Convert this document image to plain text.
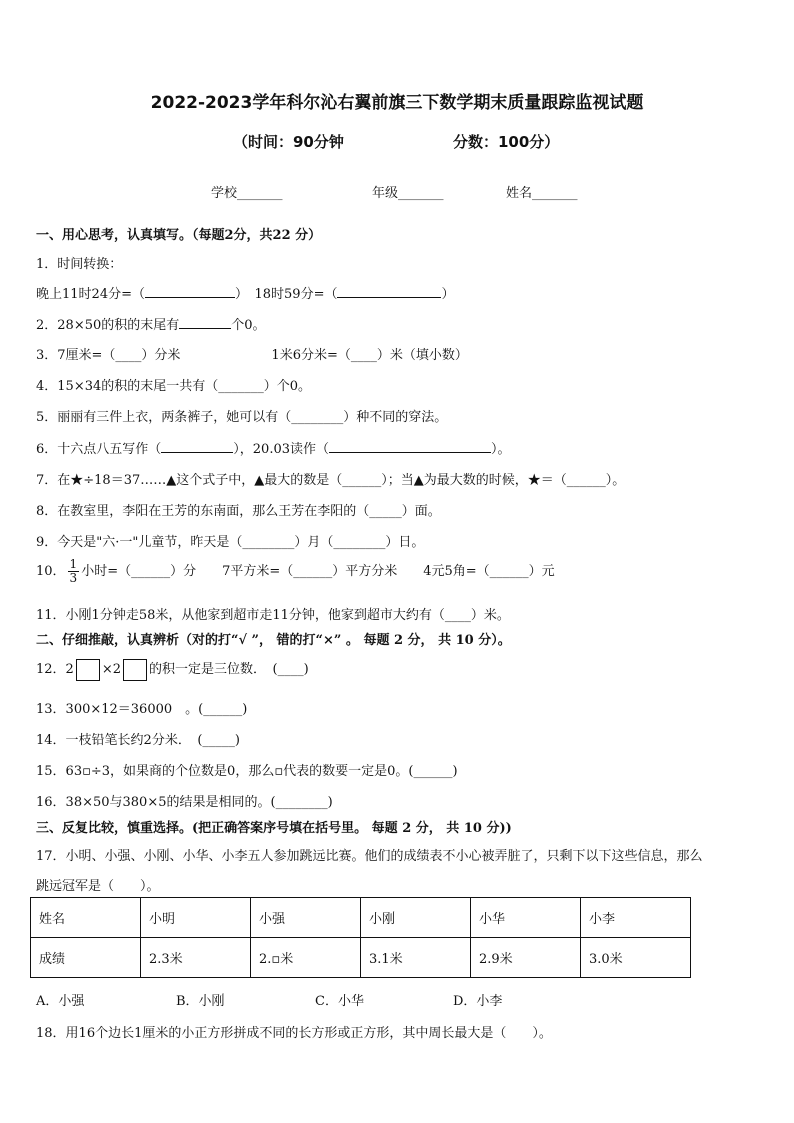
2022-2023学年科尔沁右翼前旗三下数学期末质量跟踪监视试题
（时间：90分钟	分数：100分）
学校_______	年级_______	姓名_______
一、用心思考，认真填写。（每题2分，共22 分）
1．时间转换：
晚上11时24分=（	）　18时59分=（	）
2．28×50的积的末尾有	个0。
3．7厘米=（____）分米　　　　　　　1米6分米=（____）米（填小数）
4．15×34的积的末尾一共有（_______）个0。
5．丽丽有三件上衣，两条裤子，她可以有（________）种不同的穿法。
6．十六点八五写作（	），20.03读作（	）。
7．在★÷18＝37……▲这个式子中，▲最大的数是（______）；当▲为最大数的时候，★＝（______）。
8．在教室里，李阳在王芳的东南面，那么王芳在李阳的（_____）面。
9．今天是"六·一"儿童节，昨天是（________）月（________）日。
10． $\frac{1}{3}$ 小时=（______）分　　7平方米=（______）平方分米　　4元5角=（______）元
11．小刚1分钟走58米，从他家到超市走11分钟，他家到超市大约有（____）米。
二、仔细推敲，认真辨析（对的打“√ ”， 错的打“×” 。 每题 2 分， 共 10 分）。
12．2 ×2 的积一定是三位数．　(____)
13．300×12＝36000　。(______)
14．一枝铅笔长约2分米．　(_____)
15．63▫÷3，如果商的个位数是0，那么▫代表的数要一定是0。(______)
16．38×50与380×5的结果是相同的。(________)
三、反复比较，慎重选择。(把正确答案序号填在括号里。 每题 2 分， 共 10 分))
17．小明、小强、小刚、小华、小李五人参加跳远比赛。他们的成绩表不小心被弄脏了，只剩下以下这些信息，那么
跳远冠军是（　　）。
姓名	小明	小强	小刚	小华	小李
成绩	2.3米	2.▫米	3.1米	2.9米	3.0米
A．小强	B．小刚	C．小华	D．小李
18．用16个边长1厘米的小正方形拼成不同的长方形或正方形，其中周长最大是（　　）。
